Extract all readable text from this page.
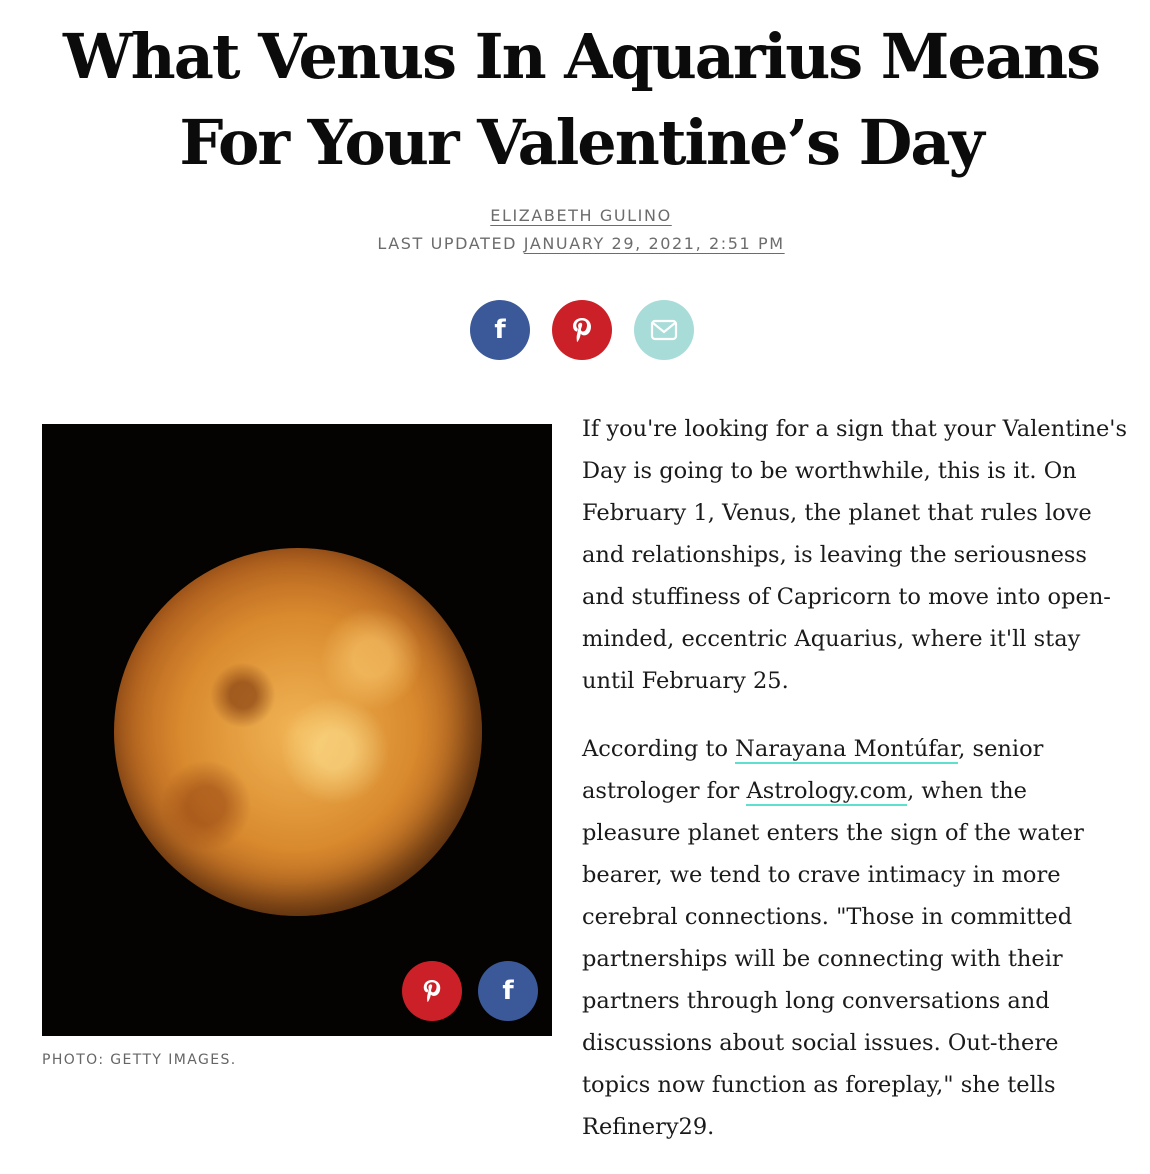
What Venus In Aquarius Means For Your Valentine’s Day
ELIZABETH GULINO
LAST UPDATED JANUARY 29, 2021, 2:51 PM
f
f
PHOTO: GETTY IMAGES.

If you're looking for a sign that your Valentine's Day is going to be worthwhile, this is it. On February 1, Venus, the planet that rules love and relationships, is leaving the seriousness and stuffiness of Capricorn to move into open-minded, eccentric Aquarius, where it'll stay until February 25.

According to Narayana Montúfar, senior astrologer for Astrology.com, when the pleasure planet enters the sign of the water bearer, we tend to crave intimacy in more cerebral connections. "Those in committed partnerships will be connecting with their partners through long conversations and discussions about social issues. Out-there topics now function as foreplay," she tells Refinery29.
